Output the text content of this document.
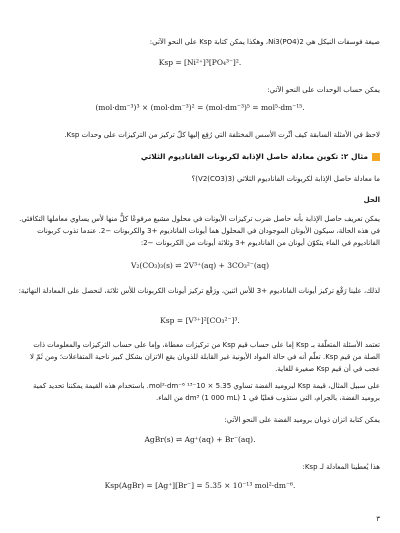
صيغة فوسفات النيكل هي Ni3(PO4)2، وهكذا يمكن كتابة Ksp على النحو الآتي:
Ksp = [Ni²⁺]³[PO₄³⁻]².
يمكن حساب الوحدات على النحو الآتي:
(mol·dm⁻³)³ × (mol·dm⁻³)² = (mol·dm⁻³)⁵ = mol⁵·dm⁻¹⁵.
لاحظ في الأمثلة السابقة كيف أثّرت الأسس المختلفة التي رُفِع إليها كلّ تركيز من التركيزات على وحدات Ksp.
مثال ٢: تكوين معادلة حاصل الإذابة لكربونات الفاناديوم الثلاثي
ما معادلة حاصل الإذابة لكربونات الفاناديوم الثلاثي (V2(CO3)3)؟
الحل
يمكن تعريف حاصل الإذابة بأنه حاصل ضرب تركيزات الأيونات في محلول مشبع مرفوعًا كلٌّ منها لأس يساوي معاملها التكافئي. في هذه الحالة، سيكون الأيونان الموجودان في المحلول هما أيونات الفاناديوم +3 والكربونات −2. عندما تذوب كربونات الفاناديوم في الماء يتكوّن أيونان من الفاناديوم +3 وثلاثة أيونات من الكربونات −2:
V₂(CO₃)₃(s) ⇌ 2V³⁺(aq) + 3CO₃²⁻(aq)
لذلك، علينا رَفْع تركيز أيونات الفاناديوم +3 للأس اثنين، ورَفْع تركيز أيونات الكربونات للأس ثلاثة، لنحصل على المعادلة النهائية:
Ksp = [V³⁺]²[CO₃²⁻]³.
تعتمد الأسئلة المتعلّقة بـ Ksp إما على حساب قيم Ksp من تركيزات معطاة، وإما على حساب التركيزات والمعلومات ذات الصلة من قيم Ksp. تعلّم أنه في حالة المواد الأيونية غير القابلة للذوبان يقع الاتزان بشكل كبير ناحية المتفاعلات؛ ومن ثَمّ لا عجب في أن قيم Ksp صغيرة للغاية.
على سبيل المثال، قيمة Ksp لبروميد الفضة تساوي 5.35 × 10⁻¹³ mol²·dm⁻⁶. باستخدام هذه القيمة يمكننا تحديد كمية بروميد الفضة، بالجرام، التي ستذوب فعليًا في 1 dm³ (1 000 mL) من الماء.
يمكن كتابة اتزان ذوبان بروميد الفضة على النحو الآتي:
AgBr(s) ⇌ Ag⁺(aq) + Br⁻(aq).
هذا يُعطينا المعادلة لـ Ksp:
Ksp(AgBr) = [Ag⁺][Br⁻] = 5.35 × 10⁻¹³ mol²·dm⁻⁶.
٣
